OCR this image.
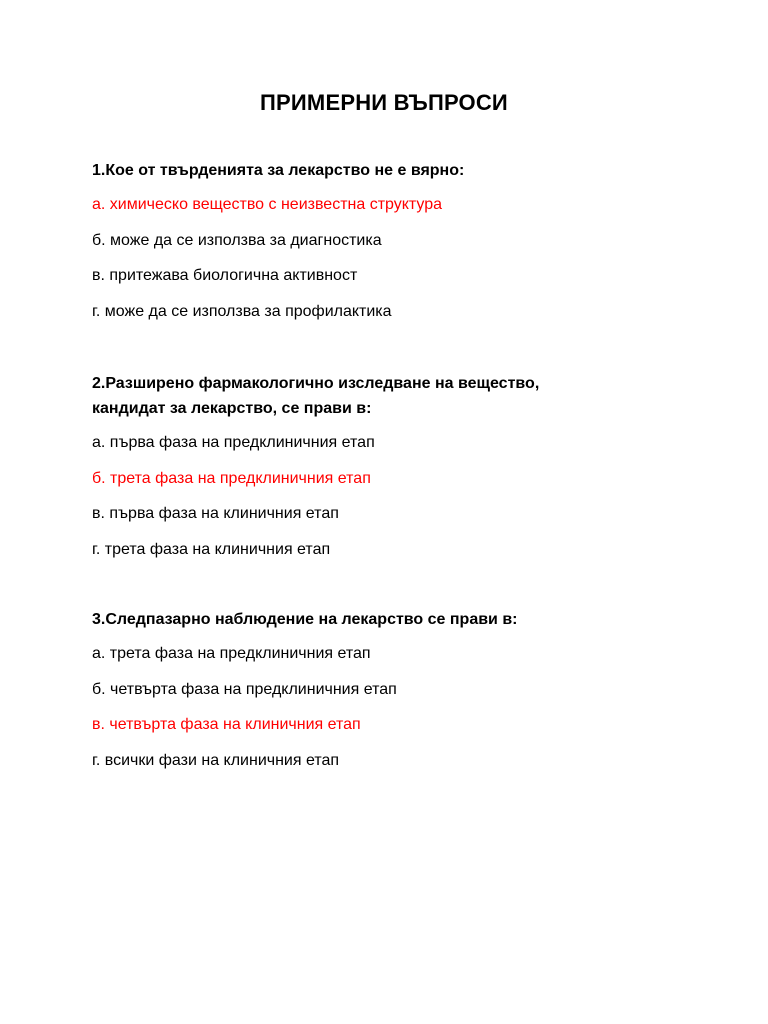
ПРИМЕРНИ ВЪПРОСИ

1.Кое от твърденията за лекарство не е вярно:

а. химическо вещество с неизвестна структура
б. може да се използва за диагностика
в. притежава биологична активност
г. може да се използва за профилактика

2.Разширено фармакологично изследване на вещество,
кандидат за лекарство, се прави в:

а. първа фаза на предклиничния етап
б. трета фаза на предклиничния етап
в. първа фаза на клиничния етап
г. трета фаза на клиничния етап

3.Следпазарно наблюдение на лекарство се прави в:

а. трета фаза на предклиничния етап
б. четвърта фаза на предклиничния етап
в. четвърта фаза на клиничния етап
г. всички фази на клиничния етап
